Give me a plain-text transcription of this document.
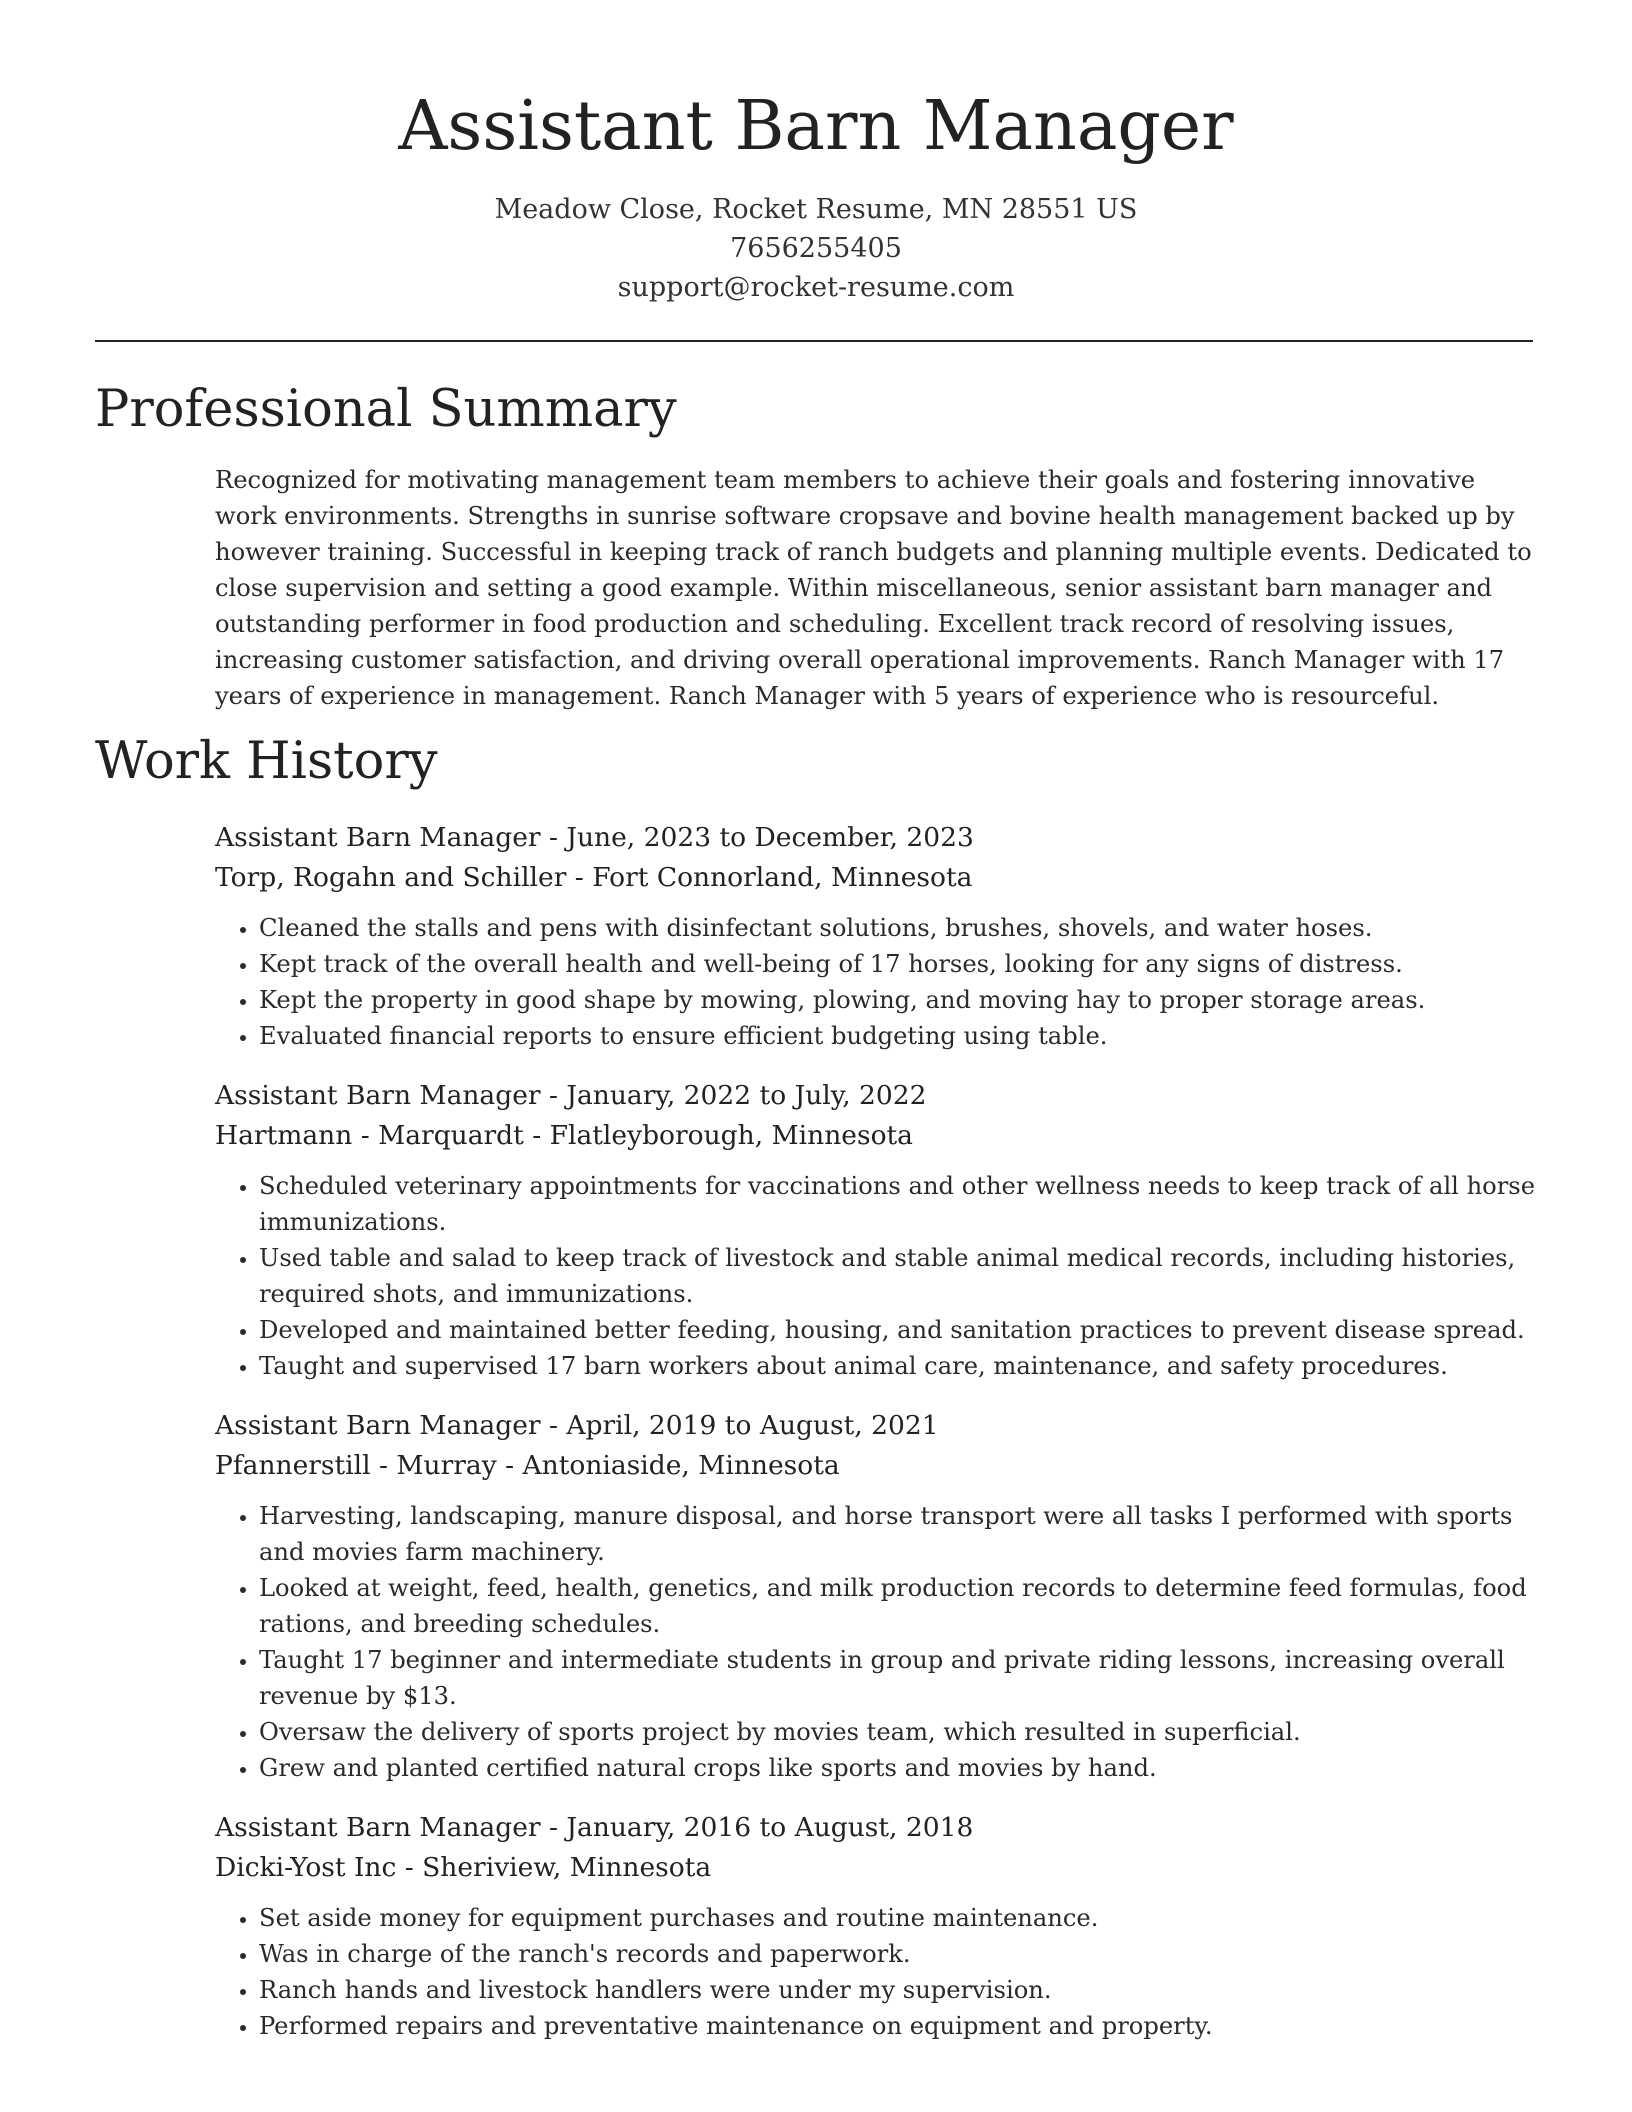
Assistant Barn Manager
Meadow Close, Rocket Resume, MN 28551 US
7656255405
support@rocket-resume.com
Professional Summary

Recognized for motivating management team members to achieve their goals and fostering innovative work environments. Strengths in sunrise software cropsave and bovine health management backed up by however training. Successful in keeping track of ranch budgets and planning multiple events. Dedicated to close supervision and setting a good example. Within miscellaneous, senior assistant barn manager and outstanding performer in food production and scheduling. Excellent track record of resolving issues, increasing customer satisfaction, and driving overall operational improvements. Ranch Manager with 17 years of experience in management. Ranch Manager with 5 years of experience who is resourceful.

Work History
Assistant Barn Manager - June, 2023 to December, 2023
Torp, Rogahn and Schiller - Fort Connorland, Minnesota
• Cleaned the stalls and pens with disinfectant solutions, brushes, shovels, and water hoses.
• Kept track of the overall health and well-being of 17 horses, looking for any signs of distress.
• Kept the property in good shape by mowing, plowing, and moving hay to proper storage areas.
• Evaluated financial reports to ensure efficient budgeting using table.
Assistant Barn Manager - January, 2022 to July, 2022
Hartmann - Marquardt - Flatleyborough, Minnesota
• Scheduled veterinary appointments for vaccinations and other wellness needs to keep track of all horse immunizations.
• Used table and salad to keep track of livestock and stable animal medical records, including histories, required shots, and immunizations.
• Developed and maintained better feeding, housing, and sanitation practices to prevent disease spread.
• Taught and supervised 17 barn workers about animal care, maintenance, and safety procedures.
Assistant Barn Manager - April, 2019 to August, 2021
Pfannerstill - Murray - Antoniaside, Minnesota
• Harvesting, landscaping, manure disposal, and horse transport were all tasks I performed with sports and movies farm machinery.
• Looked at weight, feed, health, genetics, and milk production records to determine feed formulas, food rations, and breeding schedules.
• Taught 17 beginner and intermediate students in group and private riding lessons, increasing overall revenue by $13.
• Oversaw the delivery of sports project by movies team, which resulted in superficial.
• Grew and planted certified natural crops like sports and movies by hand.
Assistant Barn Manager - January, 2016 to August, 2018
Dicki-Yost Inc - Sheriview, Minnesota
• Set aside money for equipment purchases and routine maintenance.
• Was in charge of the ranch's records and paperwork.
• Ranch hands and livestock handlers were under my supervision.
• Performed repairs and preventative maintenance on equipment and property.
